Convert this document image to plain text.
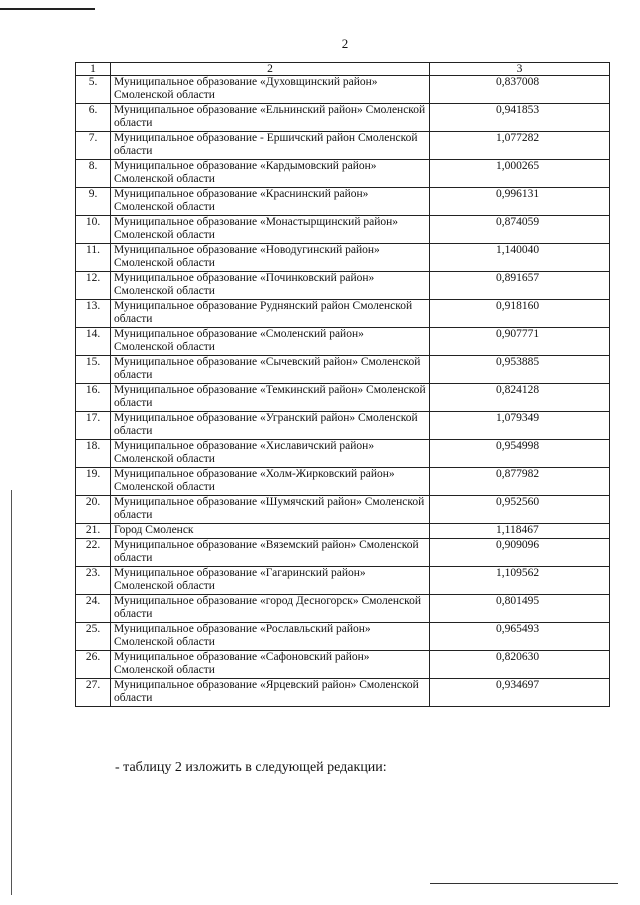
2
1	2	3
5.	Муниципальное образование «Духовщинский район» Смоленской области	0,837008
6.	Муниципальное образование «Ельнинский район» Смоленской области	0,941853
7.	Муниципальное образование - Ершичский район Смоленской области	1,077282
8.	Муниципальное образование «Кардымовский район» Смоленской области	1,000265
9.	Муниципальное образование «Краснинский район» Смоленской области	0,996131
10.	Муниципальное образование «Монастырщинский район» Смоленской области	0,874059
11.	Муниципальное образование «Новодугинский район» Смоленской области	1,140040
12.	Муниципальное образование «Починковский район» Смоленской области	0,891657
13.	Муниципальное образование Руднянский район Смоленской области	0,918160
14.	Муниципальное образование «Смоленский район» Смоленской области	0,907771
15.	Муниципальное образование «Сычевский район» Смоленской области	0,953885
16.	Муниципальное образование «Темкинский район» Смоленской области	0,824128
17.	Муниципальное образование «Угранский район» Смоленской области	1,079349
18.	Муниципальное образование «Хиславичский район» Смоленской области	0,954998
19.	Муниципальное образование «Холм-Жирковский район» Смоленской области	0,877982
20.	Муниципальное образование «Шумячский район» Смоленской области	0,952560
21.	Город Смоленск	1,118467
22.	Муниципальное образование «Вяземский район» Смоленской области	0,909096
23.	Муниципальное образование «Гагаринский район» Смоленской области	1,109562
24.	Муниципальное образование «город Десногорск» Смоленской области	0,801495
25.	Муниципальное образование «Рославльский район» Смоленской области	0,965493
26.	Муниципальное образование «Сафоновский район» Смоленской области	0,820630
27.	Муниципальное образование «Ярцевский район» Смоленской области	0,934697
- таблицу 2 изложить в следующей редакции:
